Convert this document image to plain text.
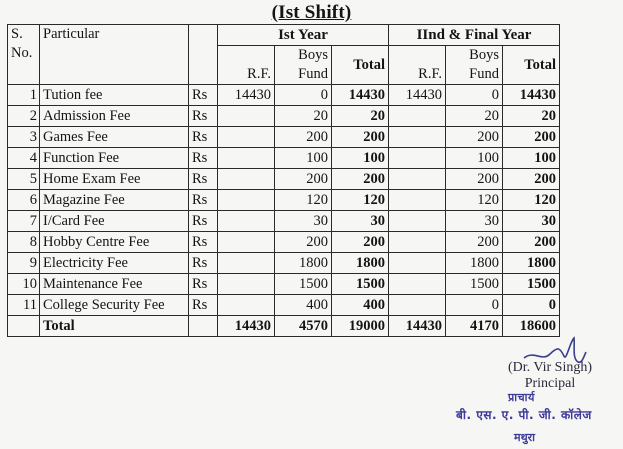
(Ist Shift)
S. No.	Particular		Ist Year			IInd & Final Year		
			R.F.	Boys Fund	Total	R.F.	Boys Fund	Total
1	Tution fee	Rs	14430	0	14430	14430	0	14430
2	Admission Fee	Rs		20	20		20	20
3	Games Fee	Rs		200	200		200	200
4	Function Fee	Rs		100	100		100	100
5	Home Exam Fee	Rs		200	200		200	200
6	Magazine Fee	Rs		120	120		120	120
7	I/Card Fee	Rs		30	30		30	30
8	Hobby Centre Fee	Rs		200	200		200	200
9	Electricity Fee	Rs		1800	1800		1800	1800
10	Maintenance Fee	Rs		1500	1500		1500	1500
11	College Security Fee	Rs		400	400		0	0
	Total		14430	4570	19000	14430	4170	18600
(Dr. Vir Singh)
Principal
प्राचार्य
बी. एस. ए. पी. जी. कॉलेज
मथुरा
